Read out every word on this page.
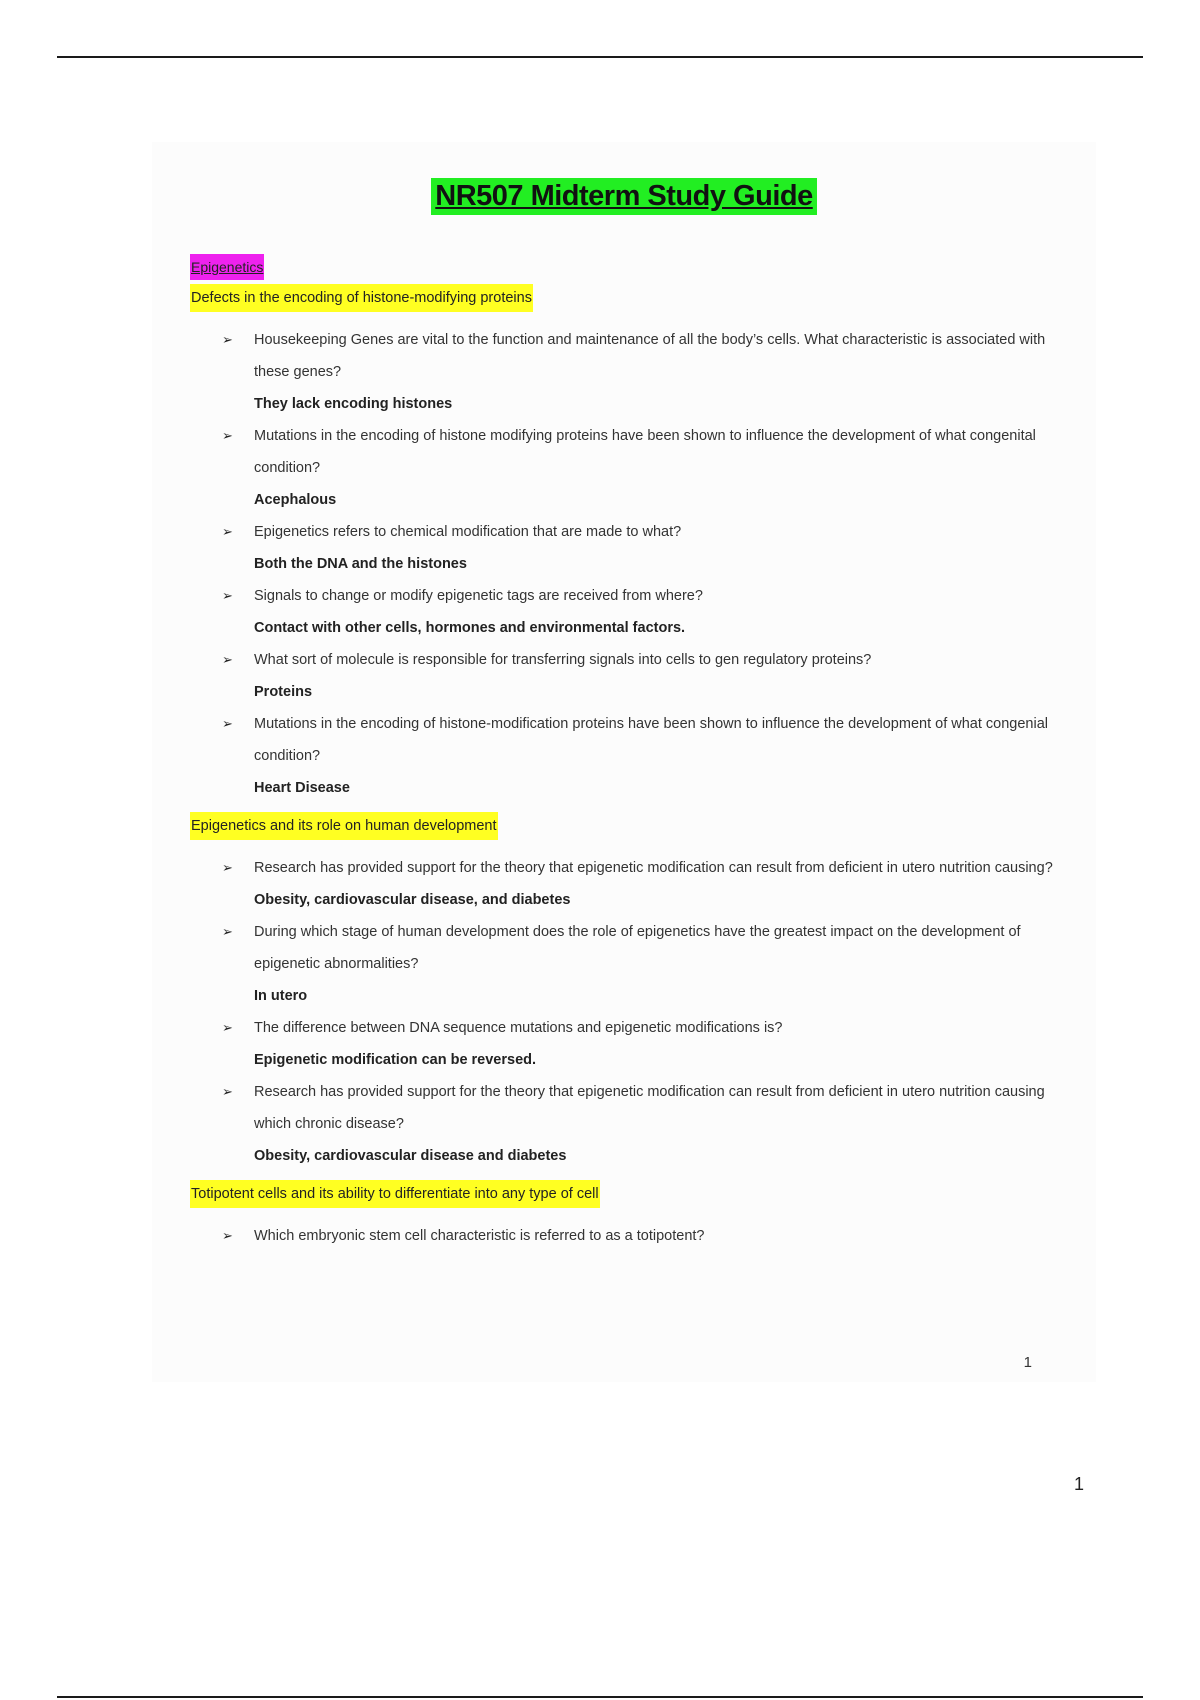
NR507 Midterm Study Guide
Epigenetics
Defects in the encoding of histone-modifying proteins
➢ Housekeeping Genes are vital to the function and maintenance of all the body’s cells. What characteristic is associated with these genes?
They lack encoding histones
➢ Mutations in the encoding of histone modifying proteins have been shown to influence the development of what congenital condition?
Acephalous
➢ Epigenetics refers to chemical modification that are made to what?
Both the DNA and the histones
➢ Signals to change or modify epigenetic tags are received from where?
Contact with other cells, hormones and environmental factors.
➢ What sort of molecule is responsible for transferring signals into cells to gen regulatory proteins?
Proteins
➢ Mutations in the encoding of histone-modification proteins have been shown to influence the development of what congenial condition?
Heart Disease
Epigenetics and its role on human development
➢ Research has provided support for the theory that epigenetic modification can result from deficient in utero nutrition causing?
Obesity, cardiovascular disease, and diabetes
➢ During which stage of human development does the role of epigenetics have the greatest impact on the development of epigenetic abnormalities?
In utero
➢ The difference between DNA sequence mutations and epigenetic modifications is?
Epigenetic modification can be reversed.
➢ Research has provided support for the theory that epigenetic modification can result from deficient in utero nutrition causing which chronic disease?
Obesity, cardiovascular disease and diabetes
Totipotent cells and its ability to differentiate into any type of cell
➢ Which embryonic stem cell characteristic is referred to as a totipotent?
1
1
